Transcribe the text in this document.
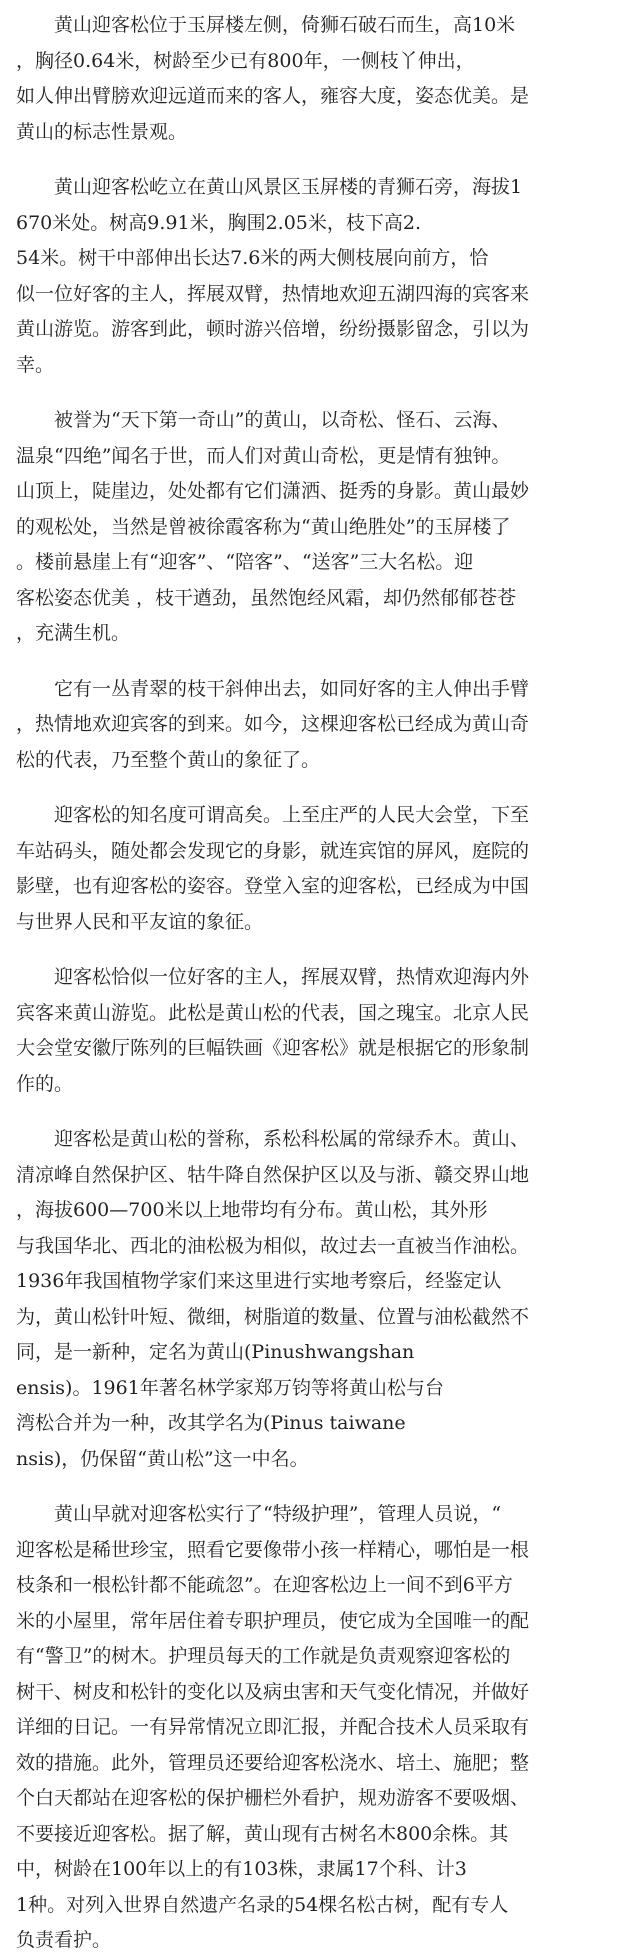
黄山迎客松位于玉屏楼左侧，倚狮石破石而生，高10米
，胸径0.64米，树龄至少已有800年，一侧枝丫伸出，
如人伸出臂膀欢迎远道而来的客人，雍容大度，姿态优美。是
黄山的标志性景观。
黄山迎客松屹立在黄山风景区玉屏楼的青狮石旁，海拔1
670米处。树高9.91米，胸围2.05米，枝下高2.
54米。树干中部伸出长达7.6米的两大侧枝展向前方，恰
似一位好客的主人，挥展双臂，热情地欢迎五湖四海的宾客来
黄山游览。游客到此，顿时游兴倍增，纷纷摄影留念，引以为
幸。
被誉为“天下第一奇山”的黄山，以奇松、怪石、云海、
温泉“四绝”闻名于世，而人们对黄山奇松，更是情有独钟。
山顶上，陡崖边，处处都有它们潇洒、挺秀的身影。黄山最妙
的观松处，当然是曾被徐霞客称为“黄山绝胜处”的玉屏楼了
。楼前悬崖上有“迎客”、“陪客”、“送客”三大名松。迎
客松姿态优美 ，枝干遒劲，虽然饱经风霜，却仍然郁郁苍苍
，充满生机。
它有一丛青翠的枝干斜伸出去，如同好客的主人伸出手臂
，热情地欢迎宾客的到来。如今，这棵迎客松已经成为黄山奇
松的代表，乃至整个黄山的象征了。
迎客松的知名度可谓高矣。上至庄严的人民大会堂，下至
车站码头，随处都会发现它的身影，就连宾馆的屏风，庭院的
影壁，也有迎客松的姿容。登堂入室的迎客松，已经成为中国
与世界人民和平友谊的象征。
迎客松恰似一位好客的主人，挥展双臂，热情欢迎海内外
宾客来黄山游览。此松是黄山松的代表，国之瑰宝。北京人民
大会堂安徽厅陈列的巨幅铁画《迎客松》就是根据它的形象制
作的。
迎客松是黄山松的誉称，系松科松属的常绿乔木。黄山、
清凉峰自然保护区、牯牛降自然保护区以及与浙、赣交界山地
，海拔600—700米以上地带均有分布。黄山松，其外形
与我国华北、西北的油松极为相似，故过去一直被当作油松。
1936年我国植物学家们来这里进行实地考察后，经鉴定认
为，黄山松针叶短、微细，树脂道的数量、位置与油松截然不
同，是一新种，定名为黄山(Pinushwangshan
ensis)。1961年著名林学家郑万钧等将黄山松与台
湾松合并为一种，改其学名为(Pinus taiwane
nsis)，仍保留“黄山松”这一中名。
黄山早就对迎客松实行了“特级护理”，管理人员说，“
迎客松是稀世珍宝，照看它要像带小孩一样精心，哪怕是一根
枝条和一根松针都不能疏忽”。在迎客松边上一间不到6平方
米的小屋里，常年居住着专职护理员，使它成为全国唯一的配
有“警卫”的树木。护理员每天的工作就是负责观察迎客松的
树干、树皮和松针的变化以及病虫害和天气变化情况，并做好
详细的日记。一有异常情况立即汇报，并配合技术人员采取有
效的措施。此外，管理员还要给迎客松浇水、培土、施肥；整
个白天都站在迎客松的保护栅栏外看护，规劝游客不要吸烟、
不要接近迎客松。据了解，黄山现有古树名木800余株。其
中，树龄在100年以上的有103株，隶属17个科、计3
1种。对列入世界自然遗产名录的54棵名松古树，配有专人
负责看护。
